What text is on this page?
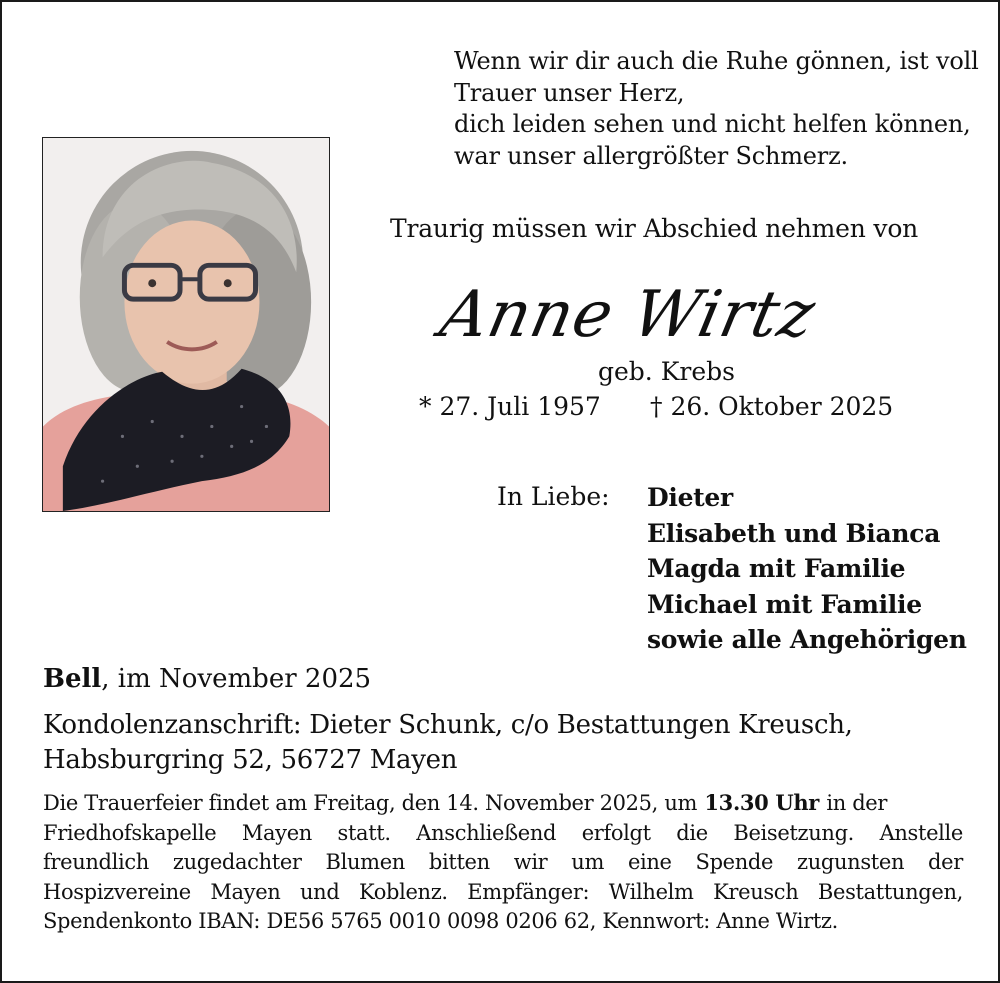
Wenn wir dir auch die Ruhe gönnen, ist voll
Trauer unser Herz,
dich leiden sehen und nicht helfen können,
war unser allergrößter Schmerz.
Traurig müssen wir Abschied nehmen von
Anne Wirtz
geb. Krebs
* 27. Juli 1957 † 26. Oktober 2025
In Liebe: Dieter
Elisabeth und Bianca
Magda mit Familie
Michael mit Familie
sowie alle Angehörigen
Bell, im November 2025
Kondolenzanschrift: Dieter Schunk, c/o Bestattungen Kreusch,
Habsburgring 52, 56727 Mayen
Die Trauerfeier findet am Freitag, den 14. November 2025, um 13.30 Uhr in der
Friedhofskapelle Mayen statt. Anschließend erfolgt die Beisetzung. Anstelle
freundlich zugedachter Blumen bitten wir um eine Spende zugunsten der
Hospizvereine Mayen und Koblenz. Empfänger: Wilhelm Kreusch Bestattungen,
Spendenkonto IBAN: DE56 5765 0010 0098 0206 62, Kennwort: Anne Wirtz.
